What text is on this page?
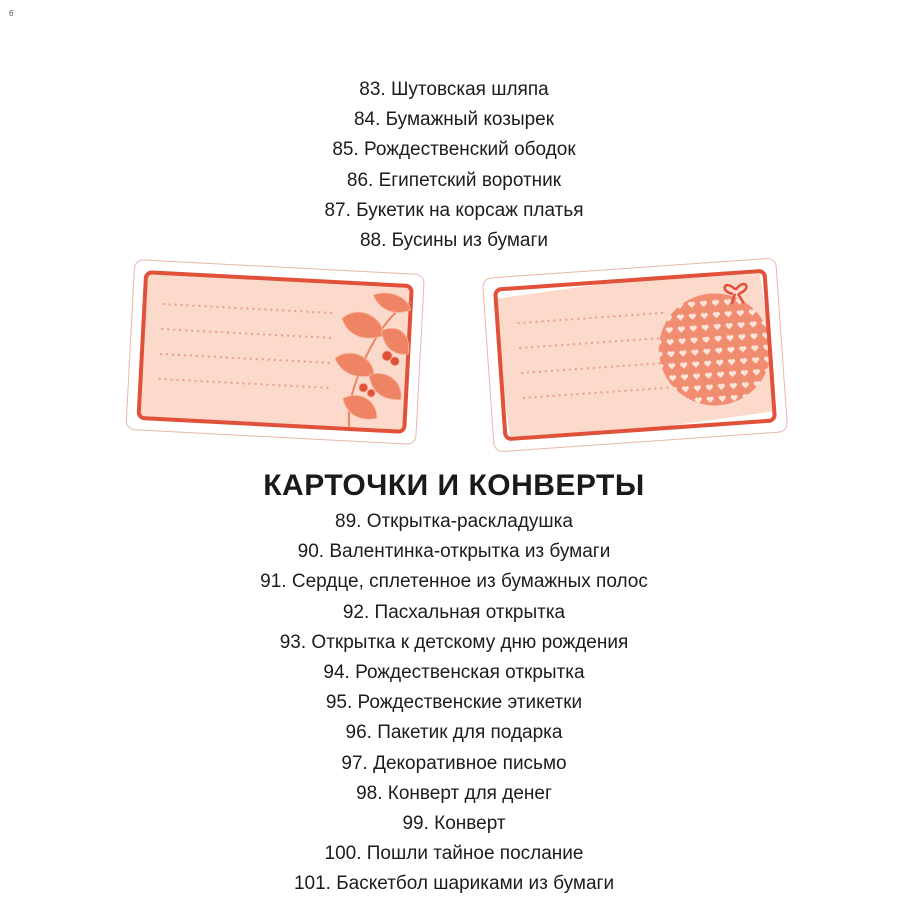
6
83. Шутовская шляпа
84. Бумажный козырек
85. Рождественский ободок
86. Египетский воротник
87. Букетик на корсаж платья
88. Бусины из бумаги
КАРТОЧКИ И КОНВЕРТЫ
89. Открытка-раскладушка
90. Валентинка-открытка из бумаги
91. Сердце, сплетенное из бумажных полос
92. Пасхальная открытка
93. Открытка к детскому дню рождения
94. Рождественская открытка
95. Рождественские этикетки
96. Пакетик для подарка
97. Декоративное письмо
98. Конверт для денег
99. Конверт
100. Пошли тайное послание
101. Баскетбол шариками из бумаги
